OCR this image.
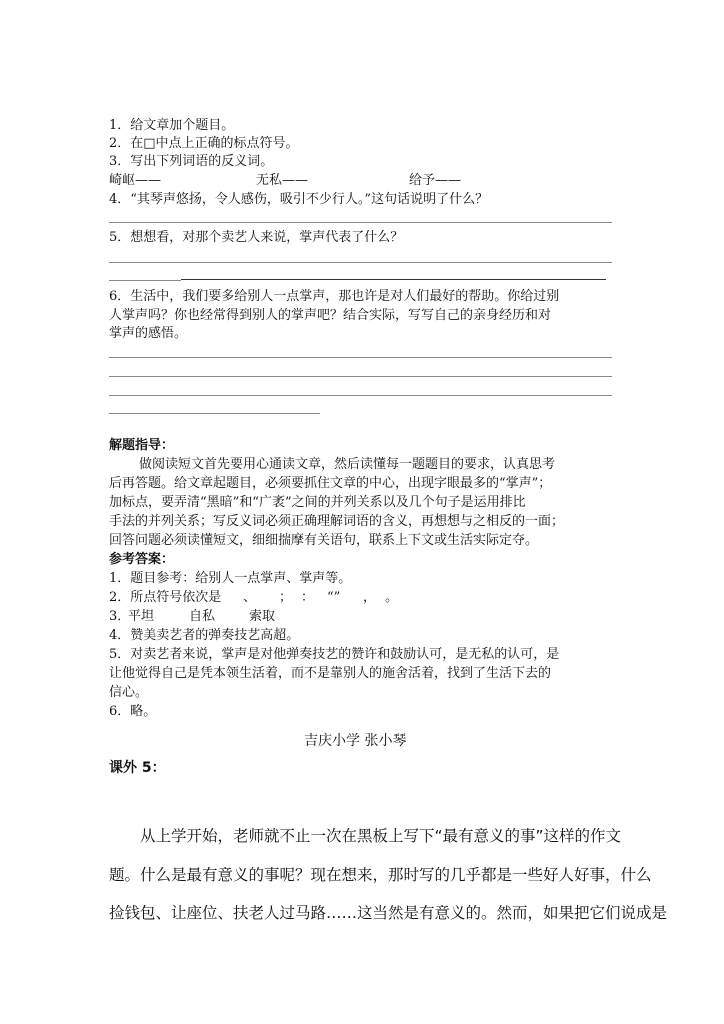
1．给文章加个题目。
2．在□中点上正确的标点符号。
3．写出下列词语的反义词。
崎岖——	无私——	给予——
4．“其琴声悠扬，令人感伤，吸引不少行人。”这句话说明了什么？
5．想想看，对那个卖艺人来说，掌声代表了什么？
6．生活中，我们要多给别人一点掌声，那也许是对人们最好的帮助。你给过别
人掌声吗？你也经常得到别人的掌声吧？结合实际，写写自己的亲身经历和对
掌声的感悟。
解题指导：
做阅读短文首先要用心通读文章，然后读懂每一题题目的要求，认真思考
后再答题。给文章起题目，必须要抓住文章的中心，出现字眼最多的“掌声”；
加标点，要弄清“黑暗”和“广袤”之间的并列关系以及几个句子是运用排比
手法的并列关系；写反义词必须正确理解词语的含义，再想想与之相反的一面；
回答问题必须读懂短文，细细揣摩有关语句，联系上下文或生活实际定夺。
参考答案：
1．题目参考：给别人一点掌声、掌声等。
2．所点符号依次是 、 ； ： “” ， 。
3．
平坦	自私	索取
4．赞美卖艺者的弹奏技艺高超。
5．对卖艺者来说，掌声是对他弹奏技艺的赞许和鼓励认可，是无私的认可，是
让他觉得自己是凭本领生活着，而不是靠别人的施舍活着，找到了生活下去的
信心。
6．略。
吉庆小学 张小琴
课外 5：
从上学开始，老师就不止一次在黑板上写下“最有意义的事”这样的作文
题。什么是最有意义的事呢？现在想来，那时写的几乎都是一些好人好事，什么
捡钱包、让座位、扶老人过马路……这当然是有意义的。然而，如果把它们说成是
